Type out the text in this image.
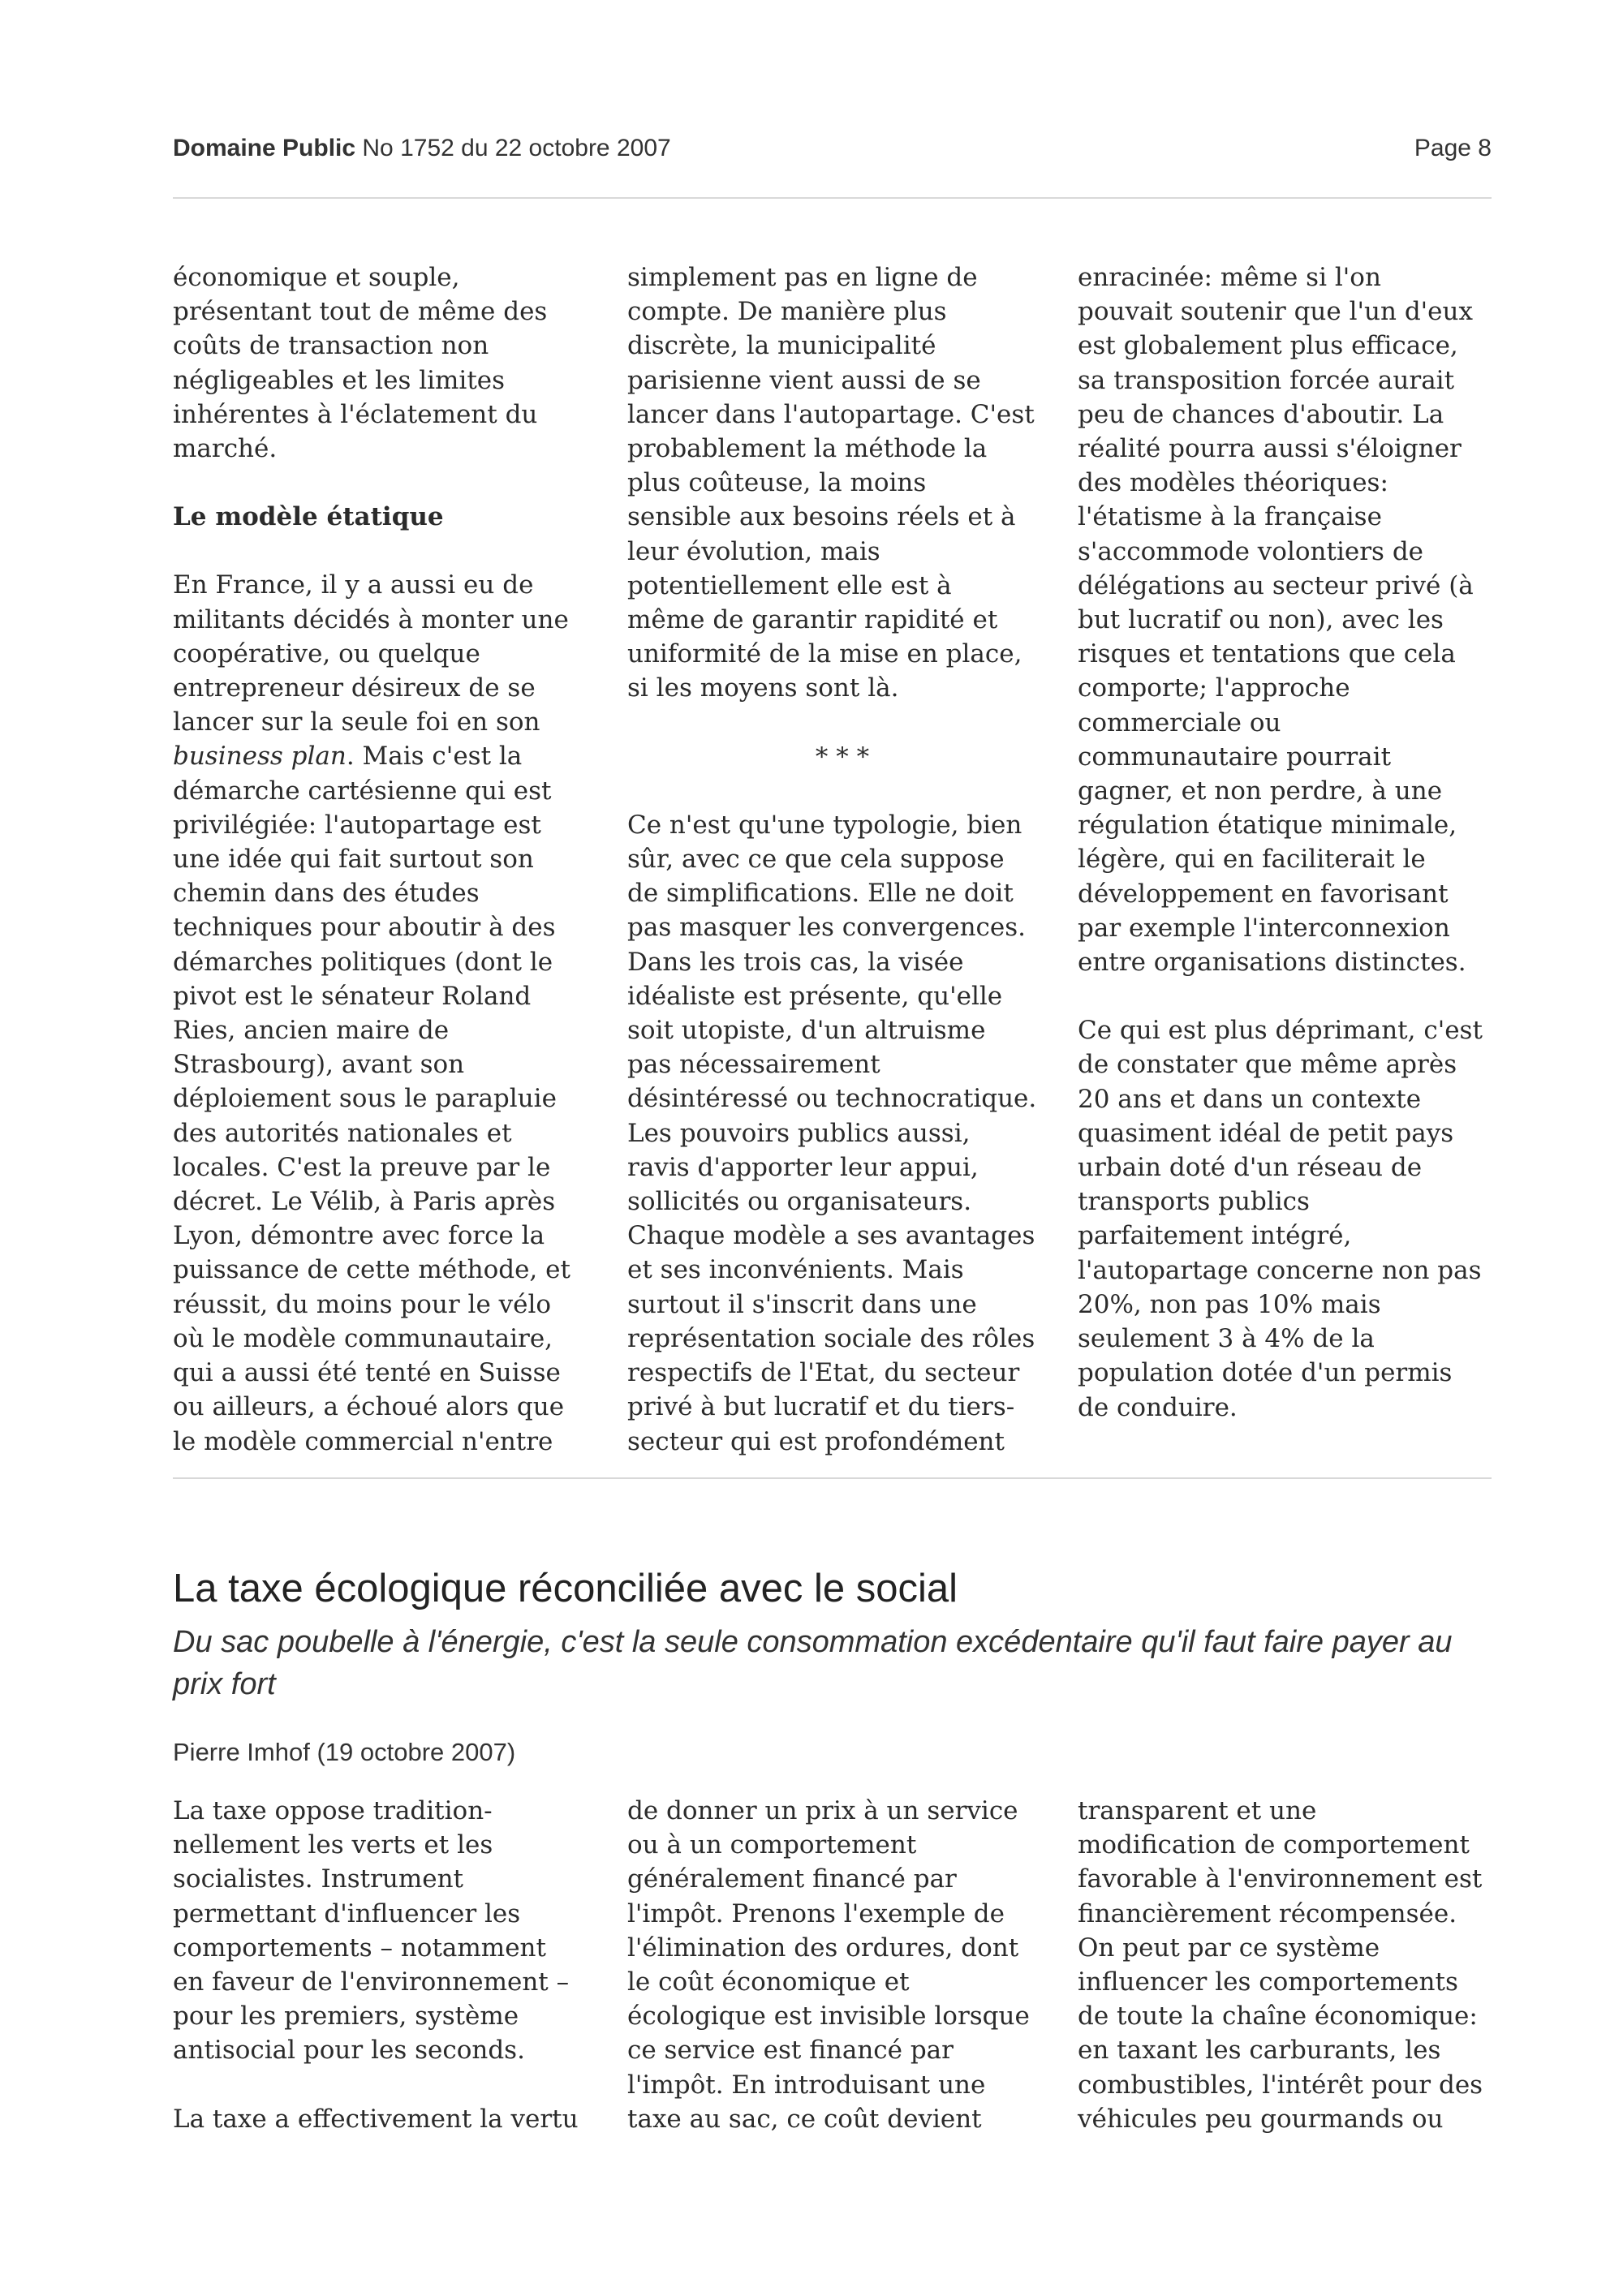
Domaine Public No 1752 du 22 octobre 2007	Page 8

économique et souple,
présentant tout de même des
coûts de transaction non
négligeables et les limites
inhérentes à l'éclatement du
marché.

Le modèle étatique

En France, il y a aussi eu de
militants décidés à monter une
coopérative, ou quelque
entrepreneur désireux de se
lancer sur la seule foi en son
business plan. Mais c'est la
démarche cartésienne qui est
privilégiée: l'autopartage est
une idée qui fait surtout son
chemin dans des études
techniques pour aboutir à des
démarches politiques (dont le
pivot est le sénateur Roland
Ries, ancien maire de
Strasbourg), avant son
déploiement sous le parapluie
des autorités nationales et
locales. C'est la preuve par le
décret. Le Vélib, à Paris après
Lyon, démontre avec force la
puissance de cette méthode, et
réussit, du moins pour le vélo
où le modèle communautaire,
qui a aussi été tenté en Suisse
ou ailleurs, a échoué alors que
le modèle commercial n'entre

simplement pas en ligne de
compte. De manière plus
discrète, la municipalité
parisienne vient aussi de se
lancer dans l'autopartage. C'est
probablement la méthode la
plus coûteuse, la moins
sensible aux besoins réels et à
leur évolution, mais
potentiellement elle est à
même de garantir rapidité et
uniformité de la mise en place,
si les moyens sont là.

* * *

Ce n'est qu'une typologie, bien
sûr, avec ce que cela suppose
de simplifications. Elle ne doit
pas masquer les convergences.
Dans les trois cas, la visée
idéaliste est présente, qu'elle
soit utopiste, d'un altruisme
pas nécessairement
désintéressé ou technocratique.
Les pouvoirs publics aussi,
ravis d'apporter leur appui,
sollicités ou organisateurs.
Chaque modèle a ses avantages
et ses inconvénients. Mais
surtout il s'inscrit dans une
représentation sociale des rôles
respectifs de l'Etat, du secteur
privé à but lucratif et du tiers-
secteur qui est profondément

enracinée: même si l'on
pouvait soutenir que l'un d'eux
est globalement plus efficace,
sa transposition forcée aurait
peu de chances d'aboutir. La
réalité pourra aussi s'éloigner
des modèles théoriques:
l'étatisme à la française
s'accommode volontiers de
délégations au secteur privé (à
but lucratif ou non), avec les
risques et tentations que cela
comporte; l'approche
commerciale ou
communautaire pourrait
gagner, et non perdre, à une
régulation étatique minimale,
légère, qui en faciliterait le
développement en favorisant
par exemple l'interconnexion
entre organisations distinctes.

Ce qui est plus déprimant, c'est
de constater que même après
20 ans et dans un contexte
quasiment idéal de petit pays
urbain doté d'un réseau de
transports publics
parfaitement intégré,
l'autopartage concerne non pas
20%, non pas 10% mais
seulement 3 à 4% de la
population dotée d'un permis
de conduire.

La taxe écologique réconciliée avec le social

Du sac poubelle à l'énergie, c'est la seule consommation excédentaire qu'il faut faire payer au prix fort

Pierre Imhof (19 octobre 2007)

La taxe oppose tradition-
nellement les verts et les
socialistes. Instrument
permettant d'influencer les
comportements – notamment
en faveur de l'environnement –
pour les premiers, système
antisocial pour les seconds.

La taxe a effectivement la vertu

de donner un prix à un service
ou à un comportement
généralement financé par
l'impôt. Prenons l'exemple de
l'élimination des ordures, dont
le coût économique et
écologique est invisible lorsque
ce service est financé par
l'impôt. En introduisant une
taxe au sac, ce coût devient

transparent et une
modification de comportement
favorable à l'environnement est
financièrement récompensée.
On peut par ce système
influencer les comportements
de toute la chaîne économique:
en taxant les carburants, les
combustibles, l'intérêt pour des
véhicules peu gourmands ou
